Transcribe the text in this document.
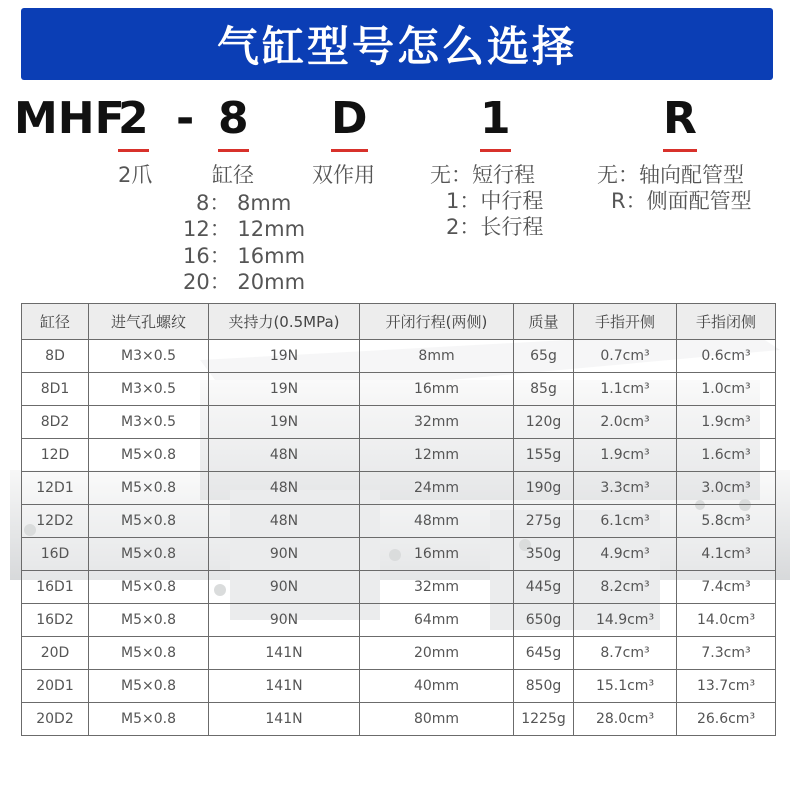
气缸型号怎么选择
MHF
2 - 8 D	1	R
2爪	缸径
8： 8mm
12： 12mm
16： 16mm
20： 20mm
双作用	无：短行程
1：中行程
2：长行程
无：轴向配管型
R：侧面配管型
缸径	进气孔螺纹	夹持力(0.5MPa)	开闭行程(两侧)	质量	手指开侧	手指闭侧
8D	M3×0.5	19N	8mm	65g	0.7cm³	0.6cm³
8D1	M3×0.5	19N	16mm	85g	1.1cm³	1.0cm³
8D2	M3×0.5	19N	32mm	120g	2.0cm³	1.9cm³
12D	M5×0.8	48N	12mm	155g	1.9cm³	1.6cm³
12D1	M5×0.8	48N	24mm	190g	3.3cm³	3.0cm³
12D2	M5×0.8	48N	48mm	275g	6.1cm³	5.8cm³
16D	M5×0.8	90N	16mm	350g	4.9cm³	4.1cm³
16D1	M5×0.8	90N	32mm	445g	8.2cm³	7.4cm³
16D2	M5×0.8	90N	64mm	650g	14.9cm³	14.0cm³
20D	M5×0.8	141N	20mm	645g	8.7cm³	7.3cm³
20D1	M5×0.8	141N	40mm	850g	15.1cm³	13.7cm³
20D2	M5×0.8	141N	80mm	1225g	28.0cm³	26.6cm³
